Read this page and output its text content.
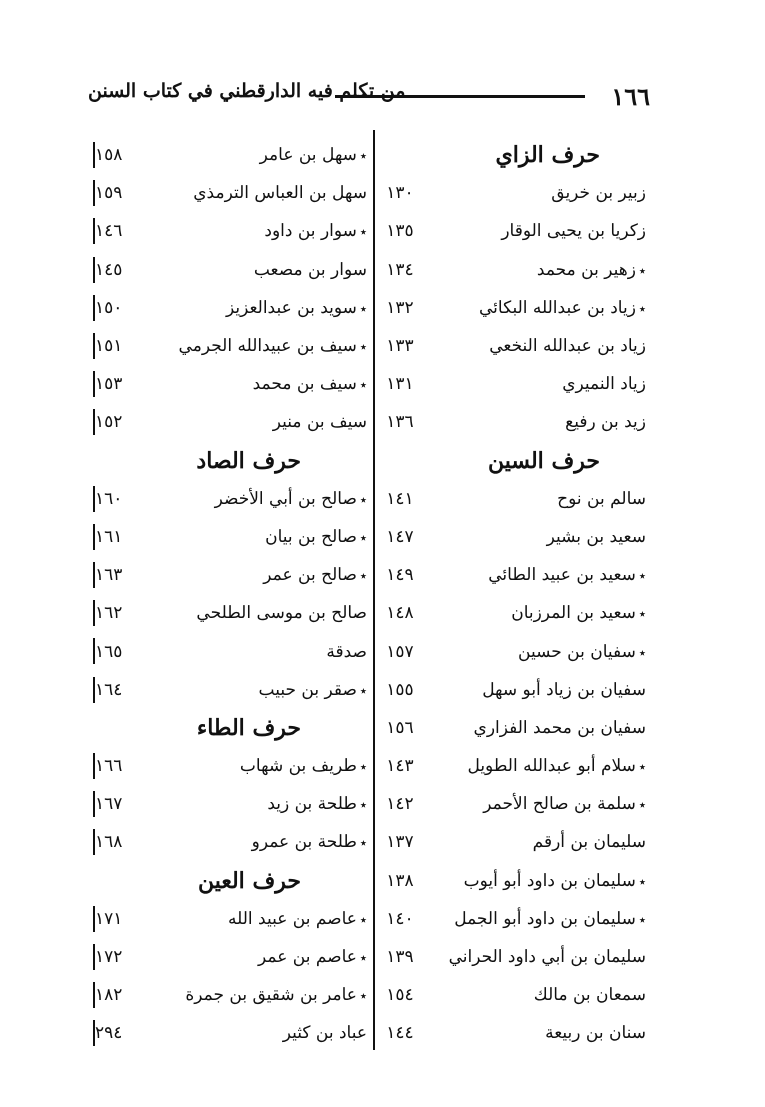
١٦٦
من تكلم فيه الدارقطني في كتاب السنن
حرف الزاي
زبير بن خريق
١٣٠
زكريا بن يحيى الوقار
١٣٥
٭زهير بن محمد
١٣٤
٭زياد بن عبدالله البكائي
١٣٢
زياد بن عبدالله النخعي
١٣٣
زياد النميري
١٣١
زيد بن رفيع
١٣٦
حرف السين
سالم بن نوح
١٤١
سعيد بن بشير
١٤٧
٭سعيد بن عبيد الطائي
١٤٩
٭سعيد بن المرزبان
١٤٨
٭سفيان بن حسين
١٥٧
سفيان بن زياد أبو سهل
١٥٥
سفيان بن محمد الفزاري
١٥٦
٭سلام أبو عبدالله الطويل
١٤٣
٭سلمة بن صالح الأحمر
١٤٢
سليمان بن أرقم
١٣٧
٭سليمان بن داود أبو أيوب
١٣٨
٭سليمان بن داود أبو الجمل
١٤٠
سليمان بن أبي داود الحراني
١٣٩
سمعان بن مالك
١٥٤
سنان بن ربيعة
١٤٤
٭سهل بن عامر
١٥٨
سهل بن العباس الترمذي
١٥٩
٭سوار بن داود
١٤٦
سوار بن مصعب
١٤٥
٭سويد بن عبدالعزيز
١٥٠
٭سيف بن عبيدالله الجرمي
١٥١
٭سيف بن محمد
١٥٣
سيف بن منير
١٥٢
حرف الصاد
٭صالح بن أبي الأخضر
١٦٠
٭صالح بن بيان
١٦١
٭صالح بن عمر
١٦٣
صالح بن موسى الطلحي
١٦٢
صدقة
١٦٥
٭صقر بن حبيب
١٦٤
حرف الطاء
٭طريف بن شهاب
١٦٦
٭طلحة بن زيد
١٦٧
٭طلحة بن عمرو
١٦٨
حرف العين
٭عاصم بن عبيد الله
١٧١
٭عاصم بن عمر
١٧٢
٭عامر بن شقيق بن جمرة
١٨٢
عباد بن كثير
٢٩٤
